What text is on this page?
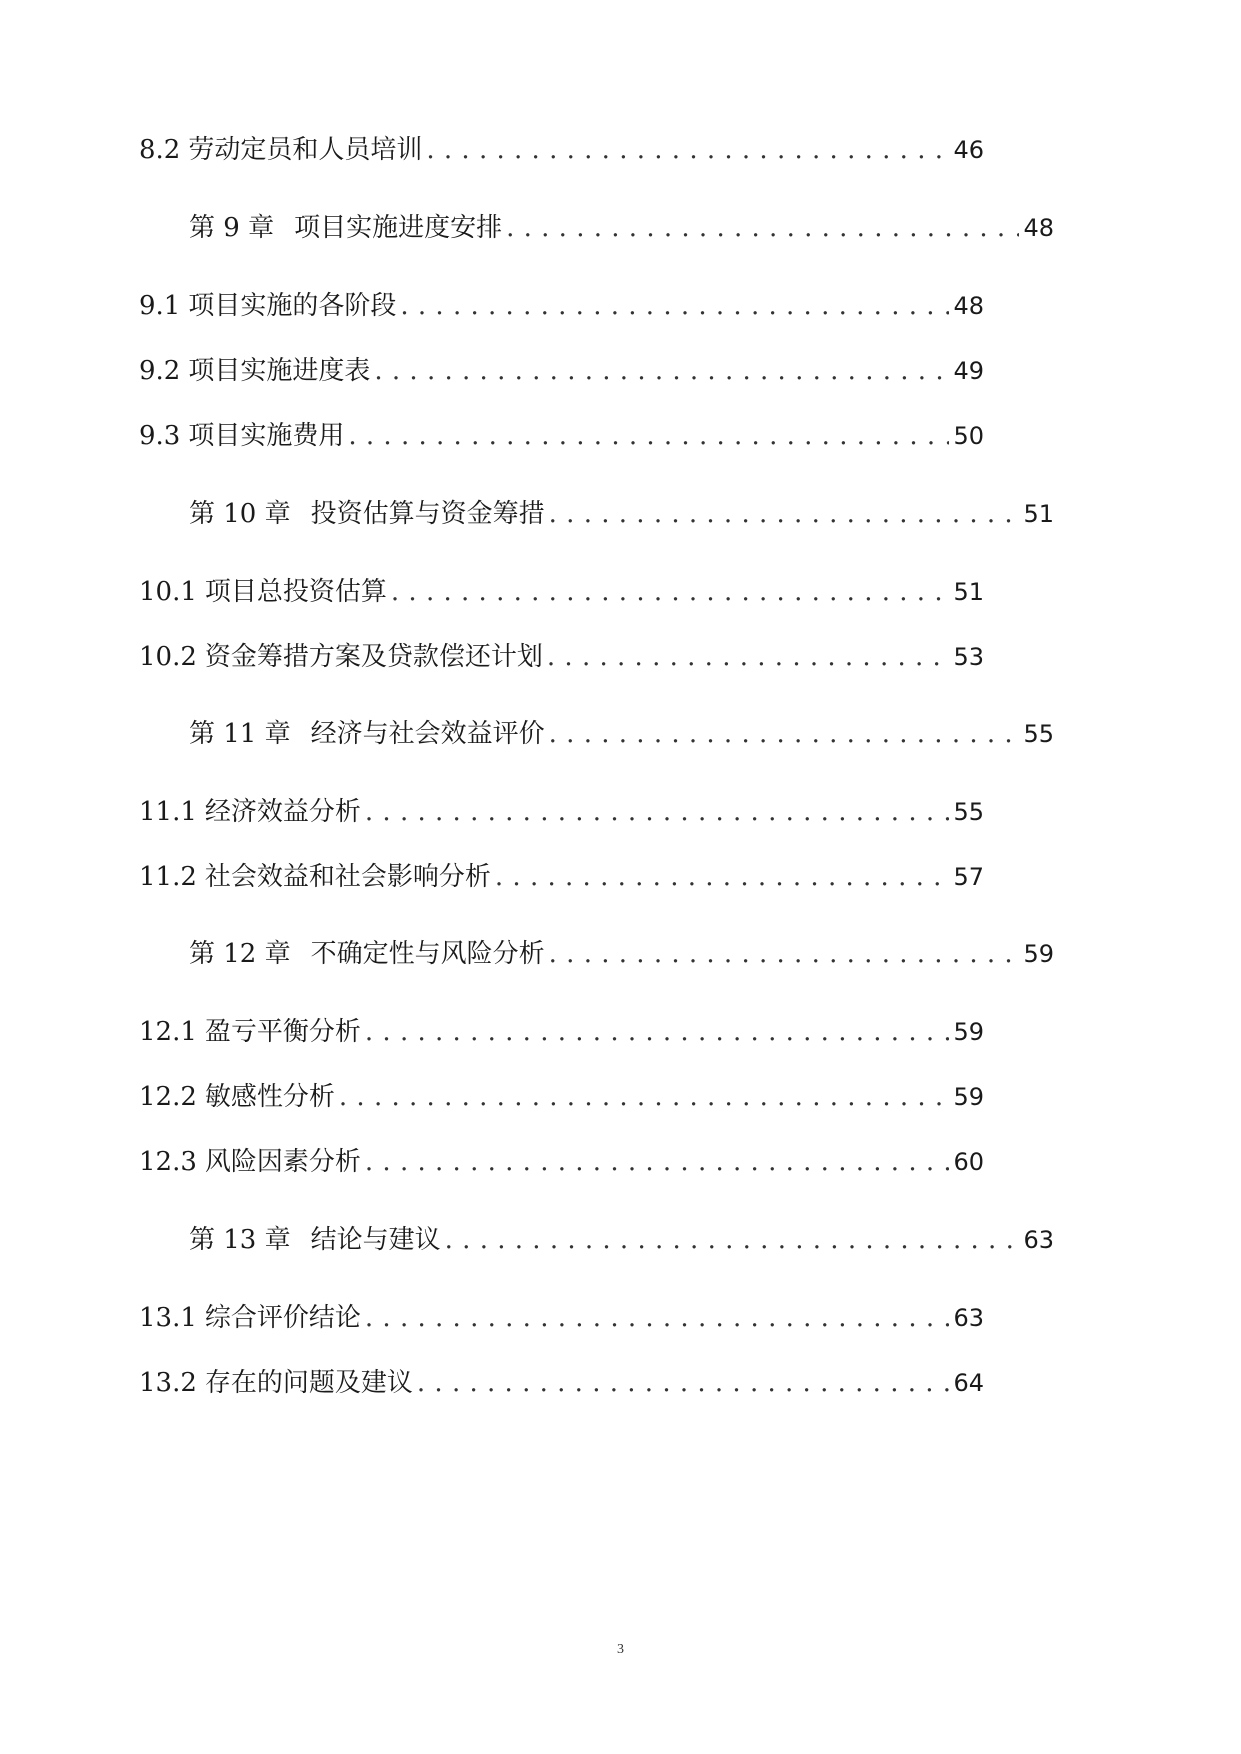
8.2 劳动定员和人员培训 . . .	46
第 9 章 项目实施进度安排 . . .	48
9.1 项目实施的各阶段 . . .	48
9.2 项目实施进度表 . . .	49
9.3 项目实施费用 . . .	50
第 10 章 投资估算与资金筹措 . . .	51
10.1 项目总投资估算 . . .	51
10.2 资金筹措方案及贷款偿还计划 . . .	53
第 11 章 经济与社会效益评价 . . .	55
11.1 经济效益分析 . . .	55
11.2 社会效益和社会影响分析 . . .	57
第 12 章 不确定性与风险分析 . . .	59
12.1 盈亏平衡分析 . . .	59
12.2 敏感性分析 . . .	59
12.3 风险因素分析 . . .	60
第 13 章 结论与建议 . . .	63
13.1 综合评价结论 . . .	63
13.2 存在的问题及建议 . . .	64
3
